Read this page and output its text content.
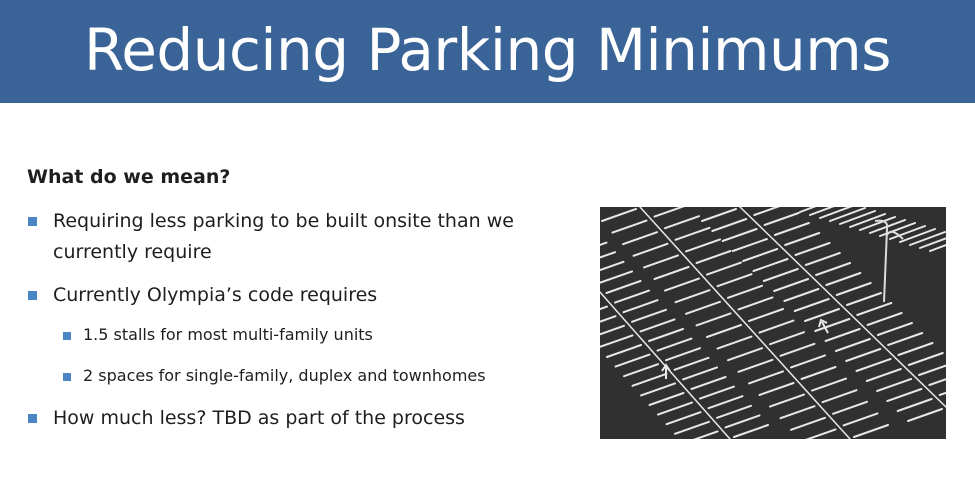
Reducing Parking Minimums
What do we mean?
Requiring less parking to be built onsite than we
currently require
Currently Olympia’s code requires
1.5 stalls for most multi-family units
2 spaces for single-family, duplex and townhomes
How much less? TBD as part of the process
